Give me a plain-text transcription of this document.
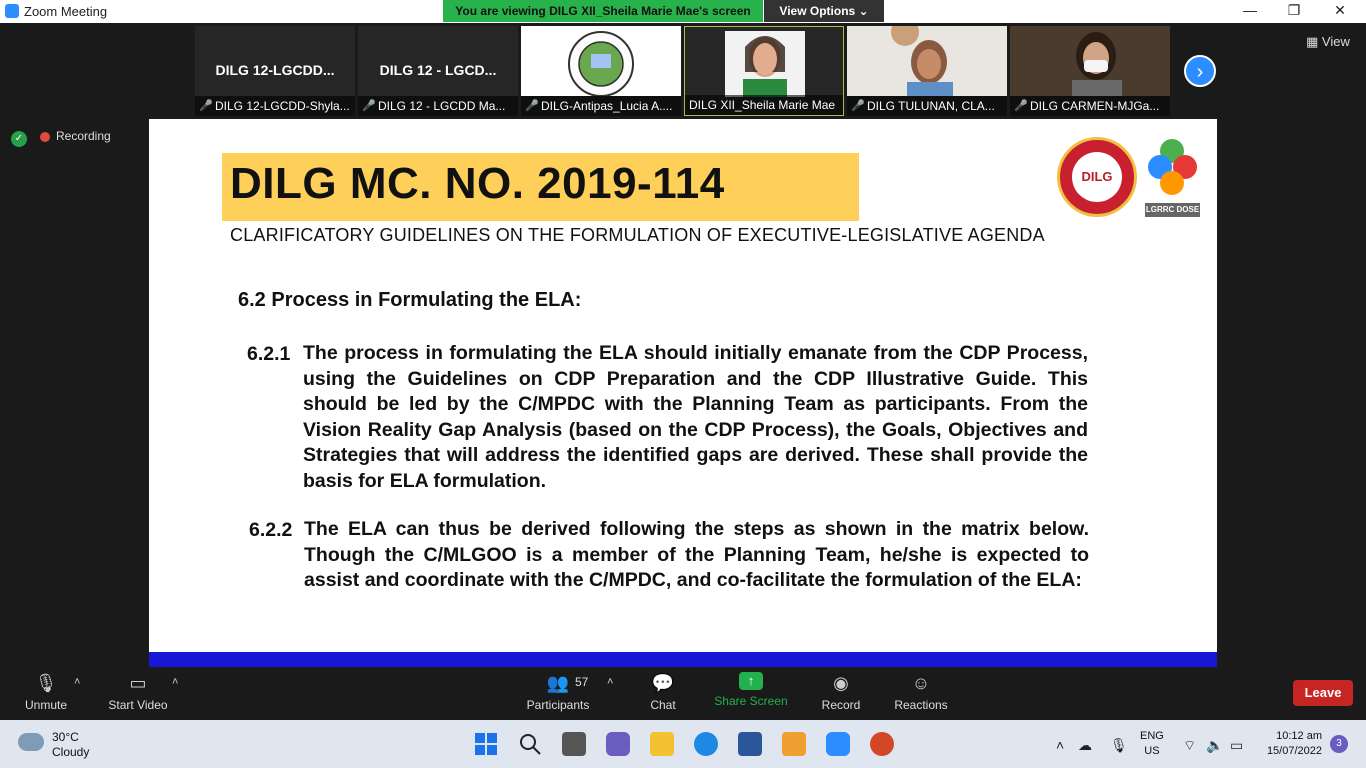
Zoom Meeting	— ❐ ✕
You are viewing DILG XII_Sheila Marie Mae's screen	View Options ⌄
DILG 12-LGCDD...
DILG 12-LGCDD-Shyla...
🎤
DILG 12 - LGCD...
DILG 12 - LGCDD Ma...
🎤	DILG-Antipas_Lucia A....
🎤	DILG XII_Sheila Marie Mae	DILG TULUNAN, CLA...
🎤	DILG CARMEN-MJGa...
🎤
›
▦ View
✓	Recording
DILG MC. NO. 2019-114
CLARIFICATORY GUIDELINES ON THE FORMULATION OF EXECUTIVE-LEGISLATIVE AGENDA
DILG
LGRRC DOSE
6.2 Process in Formulating the ELA:
6.2.1 The process in formulating the ELA should initially emanate from the CDP Process, using the Guidelines on CDP Preparation and the CDP Illustrative Guide. This should be led by the C/MPDC with the Planning Team as participants. From the Vision Reality Gap Analysis (based on the CDP Process), the Goals, Objectives and Strategies that will address the identified gaps are derived. These shall provide the basis for ELA formulation.
6.2.2 The ELA can thus be derived following the steps as shown in the matrix below. Though the C/MLGOO is a member of the Planning Team, he/she is expected to assist and coordinate with the C/MPDC, and co-facilitate the formulation of the ELA:
🎙
Unmute
˄	▭
Start Video
˄	👥
Participants
57 ˄ 💬
Chat
↑
Share Screen
◉
Record
☺
Reactions
Leave
30°C
Cloudy	˄ ☁ 🎙
ENG
US	⌔ 🔈 ▭
10:12 am
15/07/2022
3
